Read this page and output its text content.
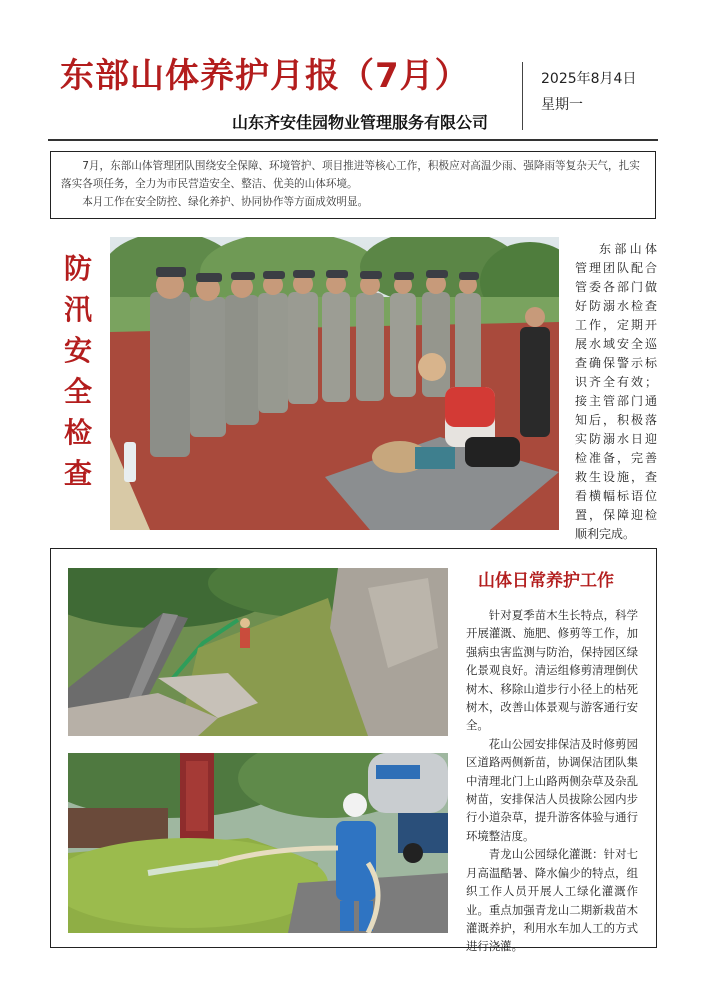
东部山体养护月报（7月）	2025年8月4日
星期一
山东齐安佳园物业管理服务有限公司

7月，东部山体管理团队围绕安全保障、环境管护、项目推进等核心工作，积极应对高温少雨、强降雨等复杂天气，扎实落实各项任务，全力为市民营造安全、整洁、优美的山体环境。

本月工作在安全防控、绿化养护、协同协作等方面成效明显。

防
汛
安
全
检
查

东部山体管理团队配合管委各部门做好防溺水检查工作，定期开展水域安全巡查确保警示标识齐全有效；接主管部门通知后，积极落实防溺水日迎检准备，完善救生设施，查看横幅标语位置，保障迎检顺利完成。

山体日常养护工作

针对夏季苗木生长特点，科学开展灌溉、施肥、修剪等工作，加强病虫害监测与防治，保持园区绿化景观良好。清运组修剪清理倒伏树木、移除山道步行小径上的枯死树木，改善山体景观与游客通行安全。

花山公园安排保洁及时修剪园区道路两侧新苗，协调保洁团队集中清理北门上山路两侧杂草及杂乱树苗，安排保洁人员拔除公园内步行小道杂草，提升游客体验与通行环境整洁度。

青龙山公园绿化灌溉：针对七月高温酷暑、降水偏少的特点，组织工作人员开展人工绿化灌溉作业。重点加强青龙山二期新栽苗木灌溉养护，利用水车加人工的方式进行浇灌。
